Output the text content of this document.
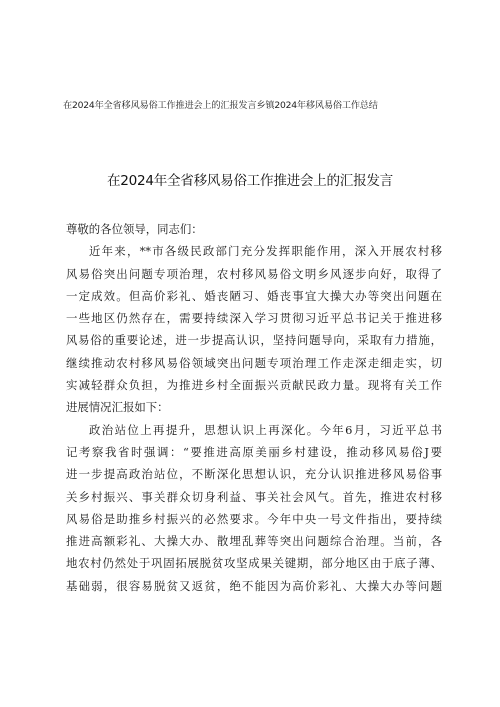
在2024年全省移风易俗工作推进会上的汇报发言乡镇2024年移风易俗工作总结
在2024年全省移风易俗工作推进会上的汇报发言
尊敬的各位领导，同志们：
近年来，**市各级民政部门充分发挥职能作用，深入开展农村移
风易俗突出问题专项治理，农村移风易俗文明乡风逐步向好，取得了
一定成效。但高价彩礼、婚丧陋习、婚丧事宜大操大办等突出问题在
一些地区仍然存在，需要持续深入学习贯彻习近平总书记关于推进移
风易俗的重要论述，进一步提高认识，坚持问题导向，采取有力措施，
继续推动农村移风易俗领域突出问题专项治理工作走深走细走实，切
实减轻群众负担，为推进乡村全面振兴贡献民政力量。现将有关工作
进展情况汇报如下：
政治站位上再提升，思想认识上再深化。今年6月，习近平总书
记考察我省时强调：“要推进高原美丽乡村建设，推动移风易俗J要
进一步提高政治站位，不断深化思想认识，充分认识推进移风易俗事
关乡村振兴、事关群众切身利益、事关社会风气。首先，推进农村移
风易俗是助推乡村振兴的必然要求。今年中央一号文件指出，要持续
推进高额彩礼、大操大办、散埋乱葬等突出问题综合治理。当前，各
地农村仍然处于巩固拓展脱贫攻坚成果关键期，部分地区由于底子薄、
基础弱，很容易脱贫又返贫，绝不能因为高价彩礼、大操大办等问题
